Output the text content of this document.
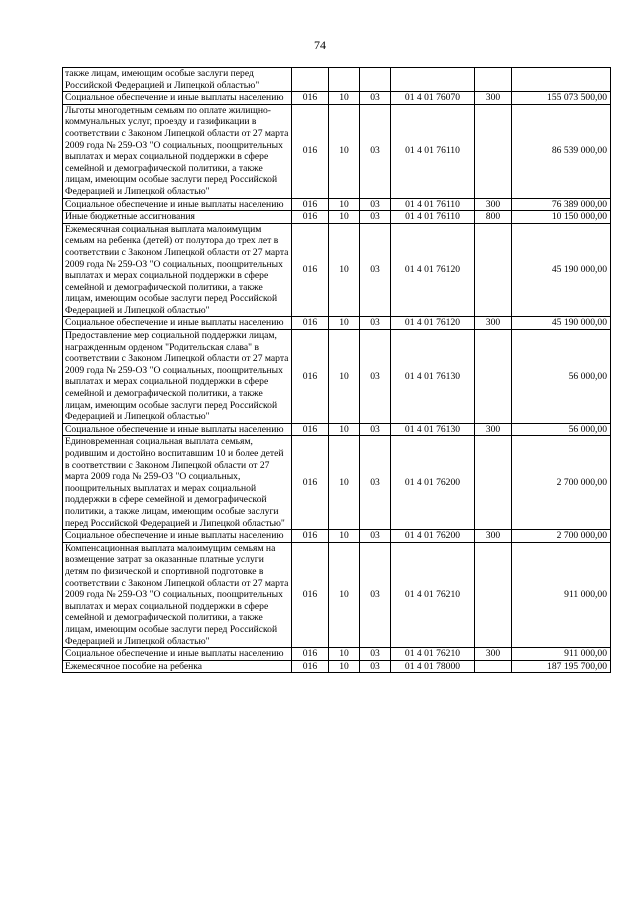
74
также лицам, имеющим особые заслуги перед Российской Федерацией и Липецкой областью"						
Социальное обеспечение и иные выплаты населению	016	10	03	01 4 01 76070	300	155 073 500,00
Льготы многодетным семьям по оплате жилищно-коммунальных услуг, проезду и газификации в соответствии с Законом Липецкой области от 27 марта 2009 года № 259-ОЗ "О социальных, поощрительных выплатах и мерах социальной поддержки в сфере семейной и демографической политики, а также лицам, имеющим особые заслуги перед Российской Федерацией и Липецкой областью"	016	10	03	01 4 01 76110		86 539 000,00
Социальное обеспечение и иные выплаты населению	016	10	03	01 4 01 76110	300	76 389 000,00
Иные бюджетные ассигнования	016	10	03	01 4 01 76110	800	10 150 000,00
Ежемесячная социальная выплата малоимущим семьям на ребенка (детей) от полутора до трех лет в соответствии с Законом Липецкой области от 27 марта 2009 года № 259-ОЗ "О социальных, поощрительных выплатах и мерах социальной поддержки в сфере семейной и демографической политики, а также лицам, имеющим особые заслуги перед Российской Федерацией и Липецкой областью"	016	10	03	01 4 01 76120		45 190 000,00
Социальное обеспечение и иные выплаты населению	016	10	03	01 4 01 76120	300	45 190 000,00
Предоставление мер социальной поддержки лицам, награжденным орденом "Родительская слава" в соответствии с Законом Липецкой области от 27 марта 2009 года № 259-ОЗ "О социальных, поощрительных выплатах и мерах социальной поддержки в сфере семейной и демографической политики, а также лицам, имеющим особые заслуги перед Российской Федерацией и Липецкой областью"	016	10	03	01 4 01 76130		56 000,00
Социальное обеспечение и иные выплаты населению	016	10	03	01 4 01 76130	300	56 000,00
Единовременная социальная выплата семьям, родившим и достойно воспитавшим 10 и более детей в соответствии с Законом Липецкой области от 27 марта 2009 года № 259-ОЗ "О социальных, поощрительных выплатах и мерах социальной поддержки в сфере семейной и демографической политики, а также лицам, имеющим особые заслуги перед Российской Федерацией и Липецкой областью"	016	10	03	01 4 01 76200		2 700 000,00
Социальное обеспечение и иные выплаты населению	016	10	03	01 4 01 76200	300	2 700 000,00
Компенсационная выплата малоимущим семьям на возмещение затрат за оказанные платные услуги детям по физической и спортивной подготовке в соответствии с Законом Липецкой области от 27 марта 2009 года № 259-ОЗ "О социальных, поощрительных выплатах и мерах социальной поддержки в сфере семейной и демографической политики, а также лицам, имеющим особые заслуги перед Российской Федерацией и Липецкой областью"	016	10	03	01 4 01 76210		911 000,00
Социальное обеспечение и иные выплаты населению	016	10	03	01 4 01 76210	300	911 000,00
Ежемесячное пособие на ребенка	016	10	03	01 4 01 78000		187 195 700,00
